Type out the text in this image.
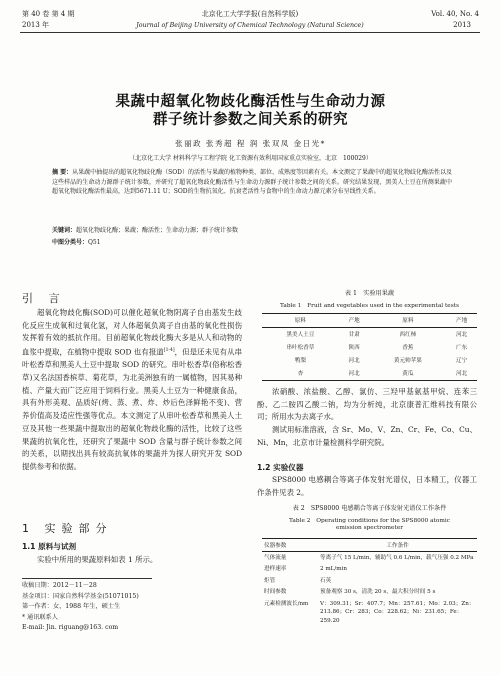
第 40 卷 第 4 期
2013 年
北京化工大学学报(自然科学版)
Journal of Beijing University of Chemical Technology (Natural Science)
Vol. 40, No. 4
2013
果蔬中超氧化物歧化酶活性与生命动力源
群子统计参数之间关系的研究
张丽政 张秀超 程 润 张双凤 金日光*
（北京化工大学 材料科学与工程学院 化工资源有效利用国家重点实验室，北京　100029）
摘 要：从果蔬中抽提出的超氧化物歧化酶（SOD）的活性与果蔬的植物种类、部位、成熟度等因素有关。本文测定了果蔬中的超氧化物歧化酶活性以及这些样品的生命动力源群子统计参数，并研究了超氧化物歧化酶活性与生命动力源群子统计参数之间的关系。研究结果发现，黑美人土豆在所测果蔬中超氧化物歧化酶活性最高，达到5671.11 U；SOD的生物抗氧化、抗衰老活性与食物中的生命动力源元素分布呈线性关系。
关键词：超氧化物歧化酶；果蔬；酶活性；生命动力源；群子统计参数
中图分类号：Q51
引 言

超氧化物歧化酶(SOD)可以催化超氧化物阴离子自由基发生歧化反应生成氧和过氧化氢，对人体超氧负离子自由基的氧化性损伤发挥着有效的抵抗作用。目前超氧化物歧化酶大多是从人和动物的血浆中提取，在植物中提取 SOD 也有报道[1-4]，但是还未见有从串叶松香草和黑美人土豆中提取 SOD 的研究。串叶松香草(俗称松香草)又名法国香槟草、菊花草，为北美洲独有的一属植物，因其易种植、产量大而广泛应用于饲料行业。黑美人土豆为一种健康食品，具有外形美观、品质好(烤、蒸、煮、炸、炒后色泽鲜艳不变)、营养价值高及适应性强等优点。本文测定了从串叶松香草和黑美人土豆及其他一些果蔬中提取出的超氧化物歧化酶的活性，比较了这些果蔬的抗氧化性，还研究了果蔬中 SOD 含量与群子统计参数之间的关系，以期找出具有较高抗氧体的果蔬并为探人研究开发 SOD 提供参考和依据。

1 实验部分
1.1 原料与试剂

实验中所用的果蔬原料如表 1 所示。

收稿日期：2012－11－28
基金项目：国家自然科学基金(51071015)
第一作者：女，1988 年生，硕士生
* 通讯联系人
E-mail: Jin. riguang@163. com
表 1　实验用果蔬
Table 1　Fruit and vegetables used in the experimental tests
原料	产地	原料	产地
黑美人土豆	甘肃	西红柿	河北
串叶松香草	陕西	香蕉	广东
鸭梨	河北	黄元帅苹果	辽宁
杏	河北	黄瓜	河北

浓硝酸、浓盐酸、乙醇、氯仿、三羟甲基氨基甲烷、连苯三酚、乙二胺四乙酸二钠，均为分析纯，北京康普汇维科技有限公司；所用水为去离子水。

测试用标准溶液，含 Sr、Mo、V、Zn、Cr、Fe、Co、Cu、Ni、Mn，北京市计量检测科学研究院。

1.2 实验仪器

SPS8000 电感耦合等离子体发射光谱仪，日本精工，仪器工作条件见表 2。

表 2　SPS8000 电感耦合等离子体发射光谱仪工作条件
Table 2　Operating conditions for the SPS8000 atomic
emission spectrometer
仪器参数	工作条件
气体流量	等离子气 15 L/min，辅助气 0.6 L/min，载气压强 0.2 MPa
进样速率	2 mL/min
炬管	石英
时间参数	预备观察 30 s，清洗 20 s，最大积分时间 5 s
元素检测波长/nm	V：309.31；Sr：407.7；Mn：257.61；Mo：2.03；Zn：213.86；Cr：283；Co：228.62；Ni：231.65；Fe：259.20
